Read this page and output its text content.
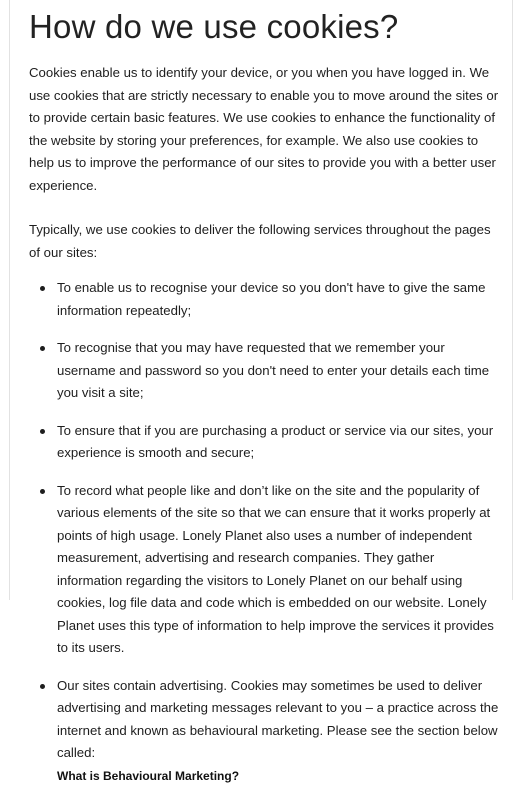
How do we use cookies?

Cookies enable us to identify your device, or you when you have logged in. We use cookies that are strictly necessary to enable you to move around the sites or to provide certain basic features. We use cookies to enhance the functionality of the website by storing your preferences, for example. We also use cookies to help us to improve the performance of our sites to provide you with a better user experience.

Typically, we use cookies to deliver the following services throughout the pages of our sites:

To enable us to recognise your device so you don't have to give the same information repeatedly;
To recognise that you may have requested that we remember your username and password so you don't need to enter your details each time you visit a site;
To ensure that if you are purchasing a product or service via our sites, your experience is smooth and secure;
To record what people like and don’t like on the site and the popularity of various elements of the site so that we can ensure that it works properly at points of high usage. Lonely Planet also uses a number of independent measurement, advertising and research companies. They gather information regarding the visitors to Lonely Planet on our behalf using cookies, log file data and code which is embedded on our website. Lonely Planet uses this type of information to help improve the services it provides to its users.
Our sites contain advertising. Cookies may sometimes be used to deliver advertising and marketing messages relevant to you – a practice across the internet and known as behavioural marketing. Please see the section below called:
What is Behavioural Marketing?
